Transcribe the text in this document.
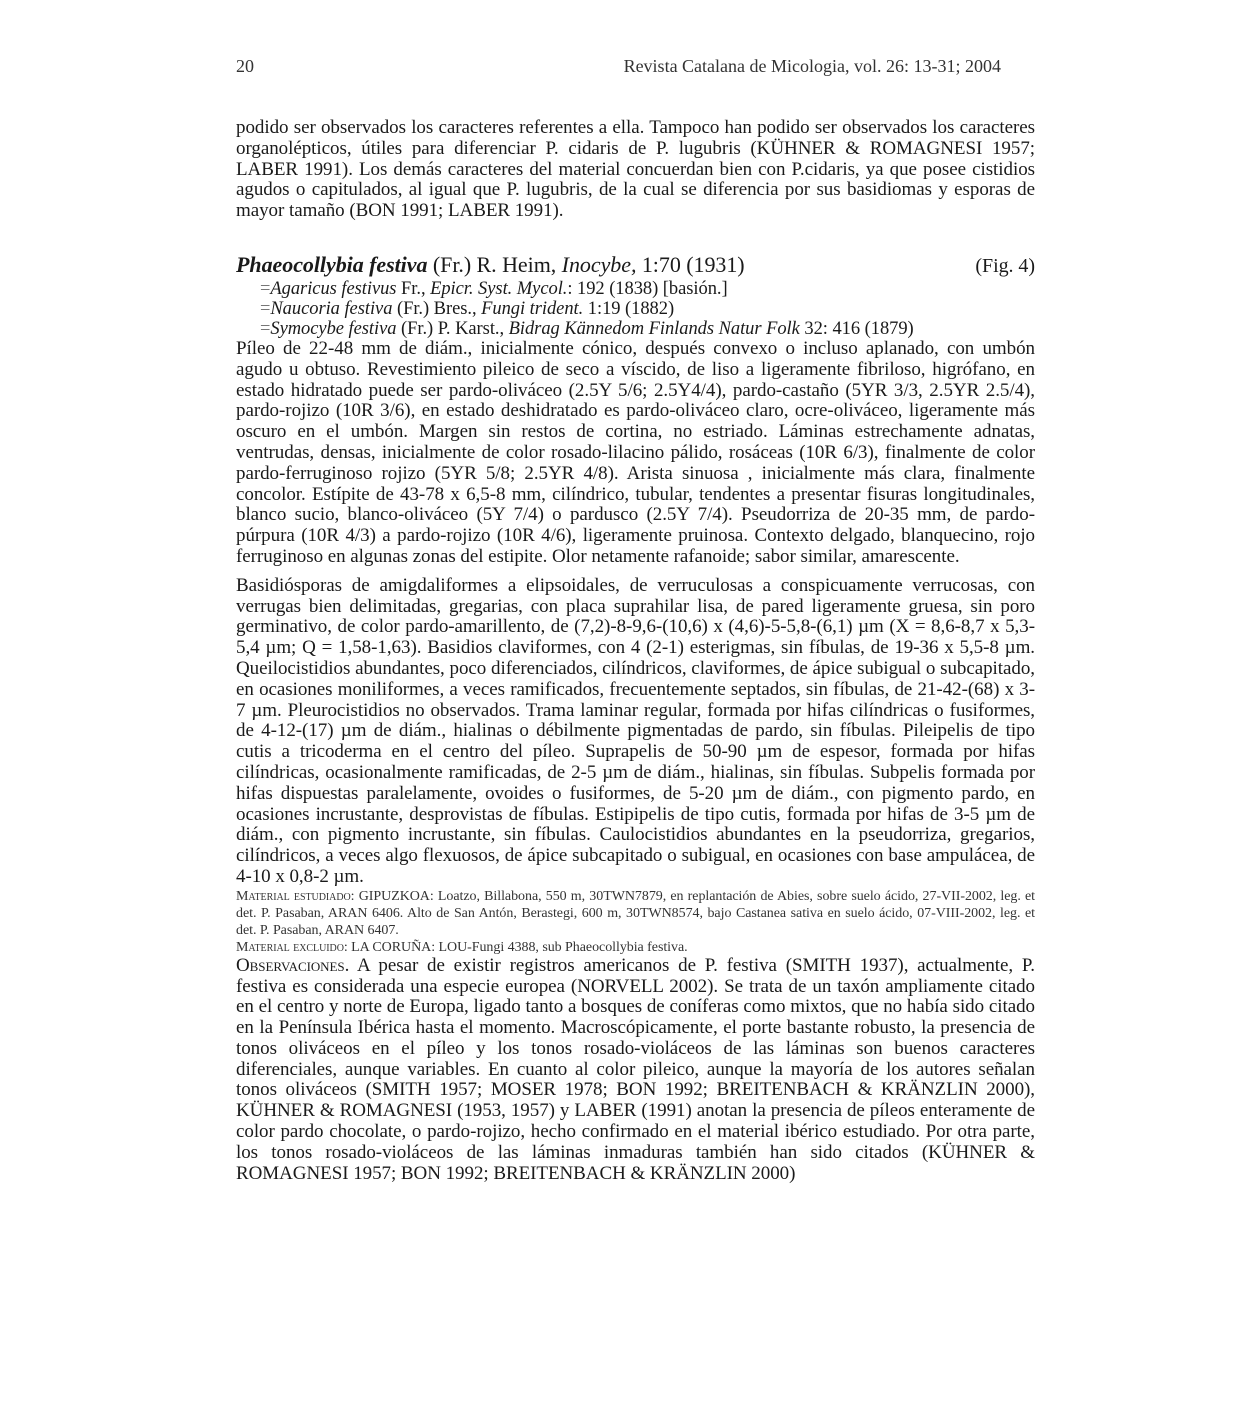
20	Revista Catalana de Micologia, vol. 26: 13-31; 2004

podido ser observados los caracteres referentes a ella. Tampoco han podido ser observados los caracteres organolépticos, útiles para diferenciar P. cidaris de P. lugubris (KÜHNER & ROMAGNESI 1957; LABER 1991). Los demás caracteres del material concuerdan bien con P.cidaris, ya que posee cistidios agudos o capitulados, al igual que P. lugubris, de la cual se diferencia por sus basidiomas y esporas de mayor tamaño (BON 1991; LABER 1991).

Phaeocollybia festiva (Fr.) R. Heim, Inocybe, 1:70 (1931)	(Fig. 4)
=Agaricus festivus Fr., Epicr. Syst. Mycol.: 192 (1838) [basión.]
=Naucoria festiva (Fr.) Bres., Fungi trident. 1:19 (1882)
=Symocybe festiva (Fr.) P. Karst., Bidrag Kännedom Finlands Natur Folk 32: 416 (1879)

Píleo de 22-48 mm de diám., inicialmente cónico, después convexo o incluso aplanado, con umbón agudo u obtuso. Revestimiento pileico de seco a víscido, de liso a ligeramente fibriloso, higrófano, en estado hidratado puede ser pardo-oliváceo (2.5Y 5/6; 2.5Y4/4), pardo-castaño (5YR 3/3, 2.5YR 2.5/4), pardo-rojizo (10R 3/6), en estado deshidratado es pardo-oliváceo claro, ocre-oliváceo, ligeramente más oscuro en el umbón. Margen sin restos de cortina, no estriado. Láminas estrechamente adnatas, ventrudas, densas, inicialmente de color rosado-lilacino pálido, rosáceas (10R 6/3), finalmente de color pardo-ferruginoso rojizo (5YR 5/8; 2.5YR 4/8). Arista sinuosa , inicialmente más clara, finalmente concolor. Estípite de 43-78 x 6,5-8 mm, cilíndrico, tubular, tendentes a presentar fisuras longitudinales, blanco sucio, blanco-oliváceo (5Y 7/4) o pardusco (2.5Y 7/4). Pseudorriza de 20-35 mm, de pardo-púrpura (10R 4/3) a pardo-rojizo (10R 4/6), ligeramente pruinosa. Contexto delgado, blanquecino, rojo ferruginoso en algunas zonas del estipite. Olor netamente rafanoide; sabor similar, amarescente.

Basidiósporas de amigdaliformes a elipsoidales, de verruculosas a conspicuamente verrucosas, con verrugas bien delimitadas, gregarias, con placa suprahilar lisa, de pared ligeramente gruesa, sin poro germinativo, de color pardo-amarillento, de (7,2)-8-9,6-(10,6) x (4,6)-5-5,8-(6,1) µm (X = 8,6-8,7 x 5,3-5,4 µm; Q = 1,58-1,63). Basidios claviformes, con 4 (2-1) esterigmas, sin fíbulas, de 19-36 x 5,5-8 µm. Queilocistidios abundantes, poco diferenciados, cilíndricos, claviformes, de ápice subigual o subcapitado, en ocasiones moniliformes, a veces ramificados, frecuentemente septados, sin fíbulas, de 21-42-(68) x 3-7 µm. Pleurocistidios no observados. Trama laminar regular, formada por hifas cilíndricas o fusiformes, de 4-12-(17) µm de diám., hialinas o débilmente pigmentadas de pardo, sin fíbulas. Pileipelis de tipo cutis a tricoderma en el centro del píleo. Suprapelis de 50-90 µm de espesor, formada por hifas cilíndricas, ocasionalmente ramificadas, de 2-5 µm de diám., hialinas, sin fíbulas. Subpelis formada por hifas dispuestas paralelamente, ovoides o fusiformes, de 5-20 µm de diám., con pigmento pardo, en ocasiones incrustante, desprovistas de fíbulas. Estipipelis de tipo cutis, formada por hifas de 3-5 µm de diám., con pigmento incrustante, sin fíbulas. Caulocistidios abundantes en la pseudorriza, gregarios, cilíndricos, a veces algo flexuosos, de ápice subcapitado o subigual, en ocasiones con base ampulácea, de 4-10 x 0,8-2 µm.

Material estudiado: GIPUZKOA: Loatzo, Billabona, 550 m, 30TWN7879, en replantación de Abies, sobre suelo ácido, 27-VII-2002, leg. et det. P. Pasaban, ARAN 6406. Alto de San Antón, Berastegi, 600 m, 30TWN8574, bajo Castanea sativa en suelo ácido, 07-VIII-2002, leg. et det. P. Pasaban, ARAN 6407.

Material excluido: LA CORUÑA: LOU-Fungi 4388, sub Phaeocollybia festiva.

Observaciones. A pesar de existir registros americanos de P. festiva (SMITH 1937), actualmente, P. festiva es considerada una especie europea (NORVELL 2002). Se trata de un taxón ampliamente citado en el centro y norte de Europa, ligado tanto a bosques de coníferas como mixtos, que no había sido citado en la Península Ibérica hasta el momento. Macroscópicamente, el porte bastante robusto, la presencia de tonos oliváceos en el píleo y los tonos rosado-violáceos de las láminas son buenos caracteres diferenciales, aunque variables. En cuanto al color pileico, aunque la mayoría de los autores señalan tonos oliváceos (SMITH 1957; MOSER 1978; BON 1992; BREITENBACH & KRÄNZLIN 2000), KÜHNER & ROMAGNESI (1953, 1957) y LABER (1991) anotan la presencia de píleos enteramente de color pardo chocolate, o pardo-rojizo, hecho confirmado en el material ibérico estudiado. Por otra parte, los tonos rosado-violáceos de las láminas inmaduras también han sido citados (KÜHNER & ROMAGNESI 1957; BON 1992; BREITENBACH & KRÄNZLIN 2000)
